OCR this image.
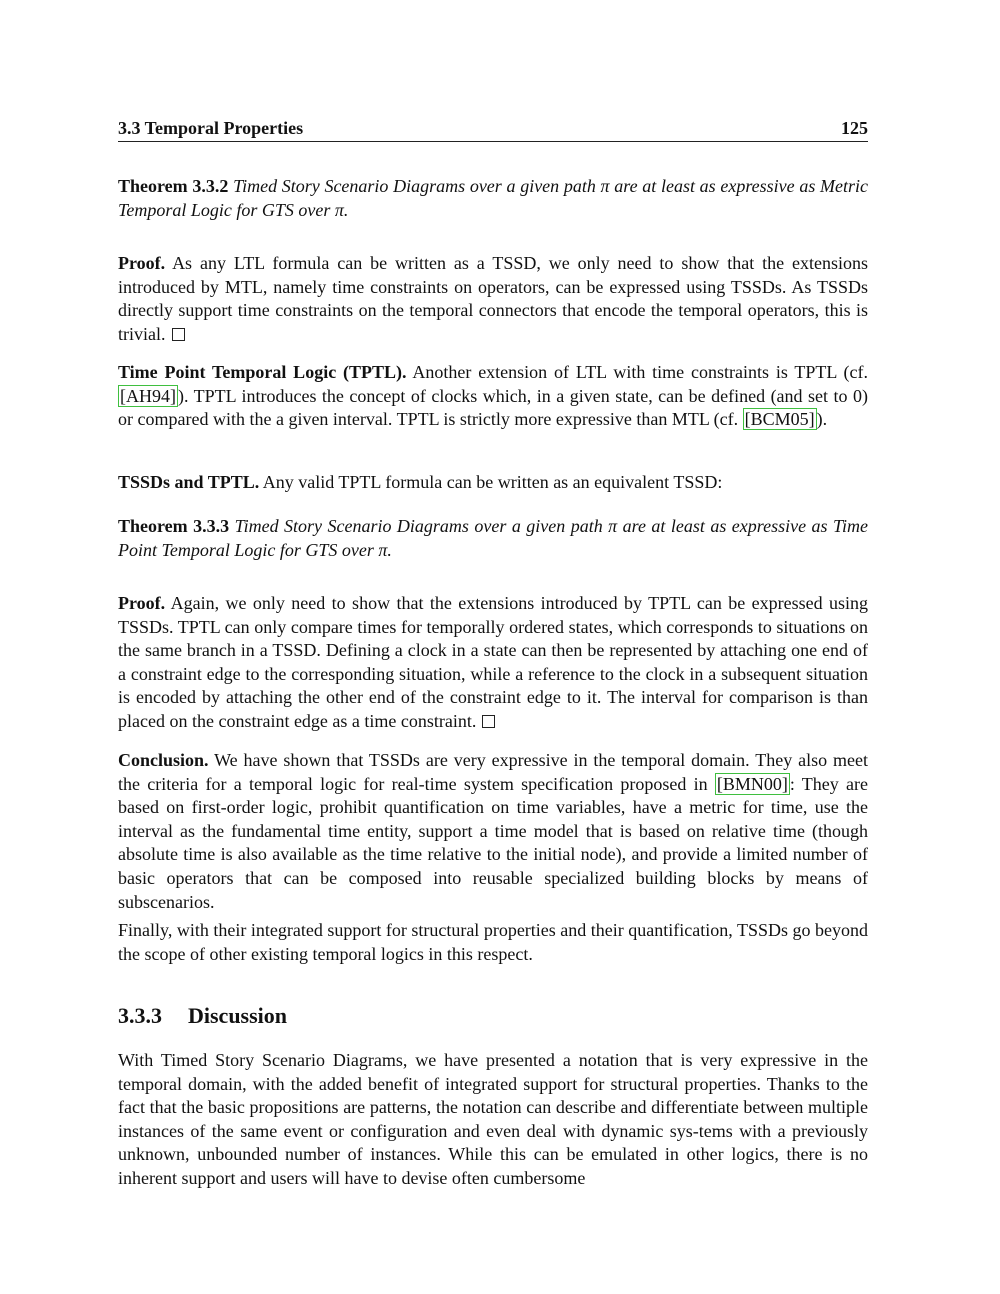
3.3 Temporal Properties	125

Theorem 3.3.2 Timed Story Scenario Diagrams over a given path π are at least as expressive as Metric Temporal Logic for GTS over π.

Proof. As any LTL formula can be written as a TSSD, we only need to show that the extensions introduced by MTL, namely time constraints on operators, can be expressed using TSSDs. As TSSDs directly support time constraints on the temporal connectors that encode the temporal operators, this is trivial.

Time Point Temporal Logic (TPTL). Another extension of LTL with time constraints is TPTL (cf. [AH94] ). TPTL introduces the concept of clocks which, in a given state, can be defined (and set to 0) or compared with the a given interval. TPTL is strictly more expressive than MTL (cf. [BCM05] ).

TSSDs and TPTL. Any valid TPTL formula can be written as an equivalent TSSD:

Theorem 3.3.3 Timed Story Scenario Diagrams over a given path π are at least as expressive as Time Point Temporal Logic for GTS over π.

Proof. Again, we only need to show that the extensions introduced by TPTL can be expressed using TSSDs. TPTL can only compare times for temporally ordered states, which corresponds to situations on the same branch in a TSSD. Defining a clock in a state can then be represented by attaching one end of a constraint edge to the corresponding situation, while a reference to the clock in a subsequent situation is encoded by attaching the other end of the constraint edge to it. The interval for comparison is than placed on the constraint edge as a time constraint.

Conclusion. We have shown that TSSDs are very expressive in the temporal domain. They also meet the criteria for a temporal logic for real-time system specification proposed in [BMN00] : They are based on first-order logic, prohibit quantification on time variables, have a metric for time, use the interval as the fundamental time entity, support a time model that is based on relative time (though absolute time is also available as the time relative to the initial node), and provide a limited number of basic operators that can be composed into reusable specialized building blocks by means of subscenarios.

Finally, with their integrated support for structural properties and their quantification, TSSDs go beyond the scope of other existing temporal logics in this respect.

3.3.3 Discussion

With Timed Story Scenario Diagrams, we have presented a notation that is very expressive in the temporal domain, with the added benefit of integrated support for structural properties. Thanks to the fact that the basic propositions are patterns, the notation can describe and differentiate between multiple instances of the same event or configuration and even deal with dynamic sys-tems with a previously unknown, unbounded number of instances. While this can be emulated in other logics, there is no inherent support and users will have to devise often cumbersome
